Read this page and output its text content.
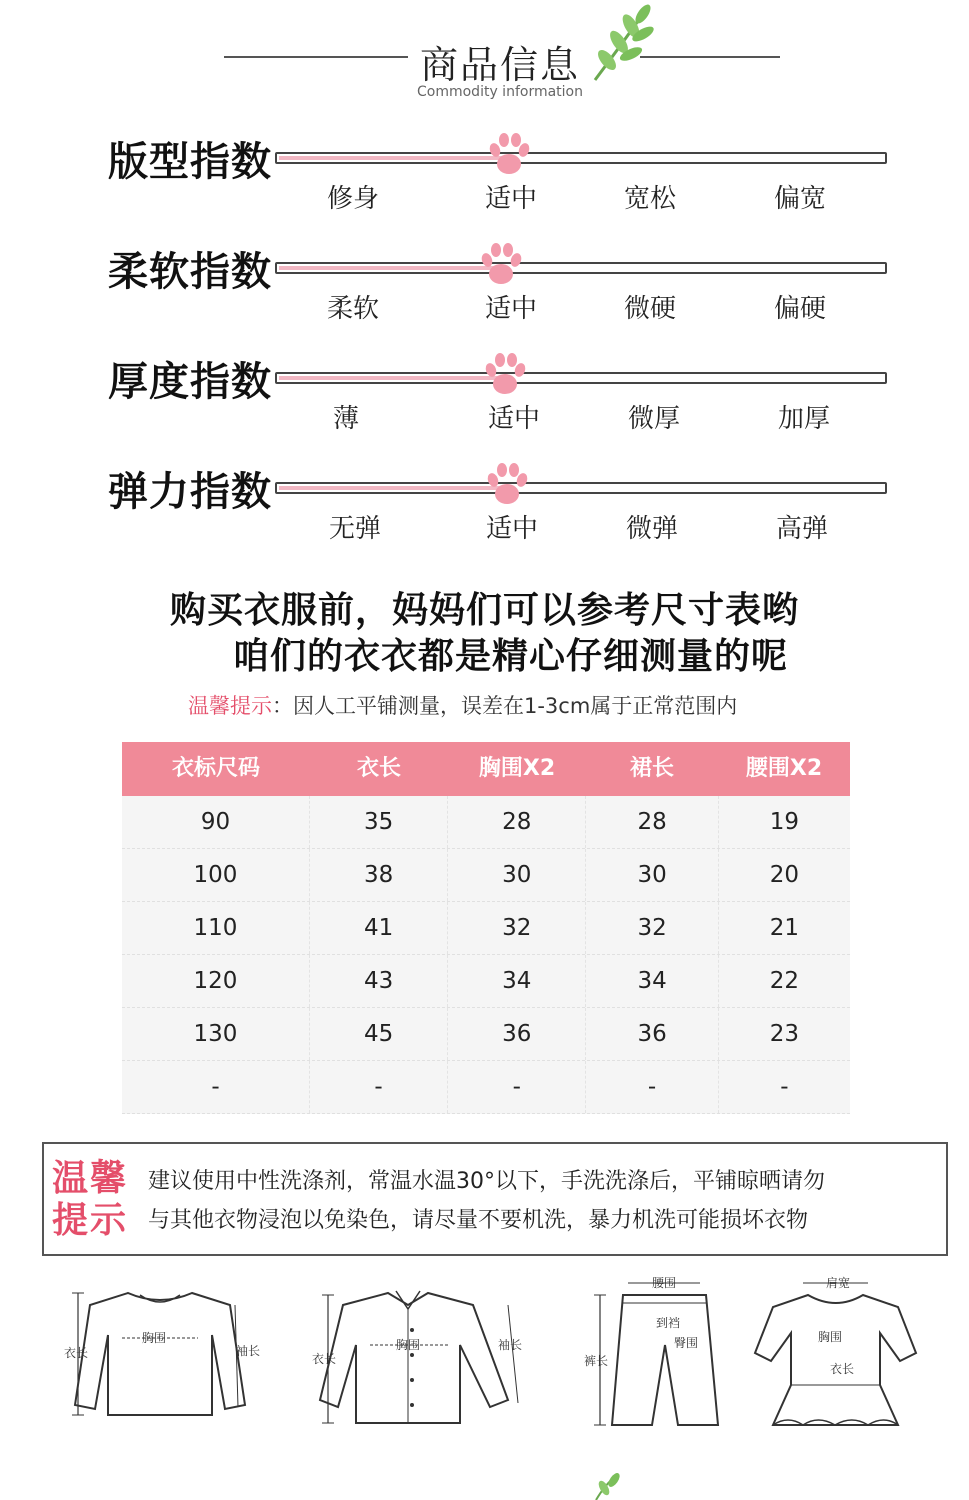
商品信息
Commodity information
版型指数
修身	适中	宽松	偏宽
柔软指数
柔软	适中	微硬	偏硬
厚度指数
薄	适中	微厚	加厚
弹力指数
无弹	适中	微弹	高弹
购买衣服前，妈妈们可以参考尺寸表哟
咱们的衣衣都是精心仔细测量的呢
温馨提示：因人工平铺测量，误差在1-3cm属于正常范围内
衣标尺码	衣长	胸围X2	裙长	腰围X2
90	35	28	28	19
100	38	30	30	20
110	41	32	32	21
120	43	34	34	22
130	45	36	36	23
-	-	-	-	-
温馨提示
建议使用中性洗涤剂，常温水温30°以下，手洗洗涤后，平铺晾晒请勿
与其他衣物浸泡以免染色，请尽量不要机洗，暴力机洗可能损坏衣物
衣长
胸围
袖长
衣长
胸围	袖长
腰围
到裆
臀围
裤长
肩宽
胸围
衣长
